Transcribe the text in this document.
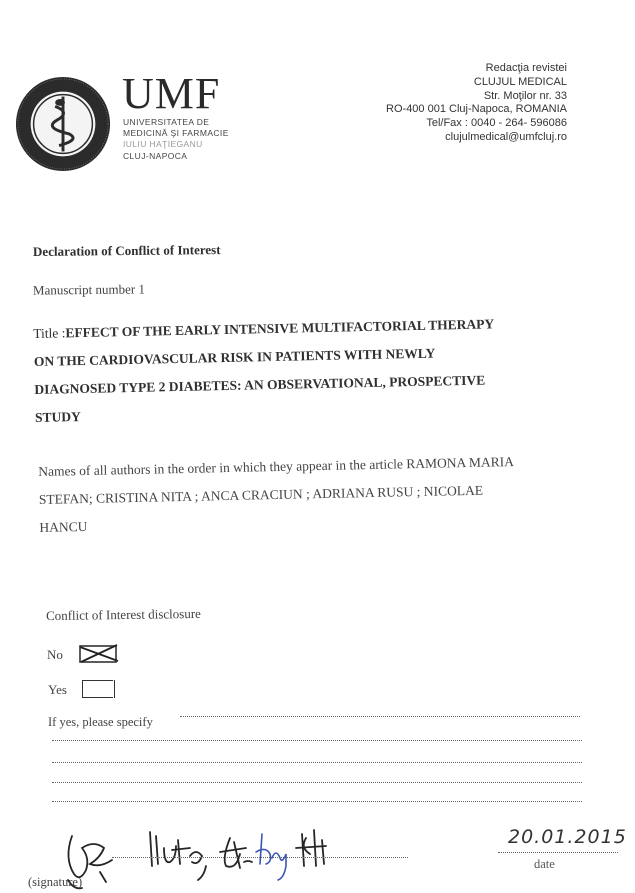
UMF
UNIVERSITATEA DE
MEDICINĂ ŞI FARMACIE
IULIU HAŢIEGANU
CLUJ-NAPOCA
Redacţia revistei
CLUJUL MEDICAL
Str. Moţilor nr. 33
RO-400 001 Cluj-Napoca, ROMANIA
Tel/Fax : 0040 - 264- 596086
clujulmedical@umfcluj.ro
Declaration of Conflict of Interest
Manuscript number 1
Title :EFFECT OF THE EARLY INTENSIVE MULTIFACTORIAL THERAPY
ON THE CARDIOVASCULAR RISK IN PATIENTS WITH NEWLY
DIAGNOSED TYPE 2 DIABETES: AN OBSERVATIONAL, PROSPECTIVE
STUDY
Names of all authors in the order in which they appear in the article RAMONA MARIA
STEFAN; CRISTINA NITA ; ANCA CRACIUN ; ADRIANA RUSU ; NICOLAE
HANCU
Conflict of Interest disclosure
No
Yes
If yes, please specify
(signature)
20.01.2015
date
